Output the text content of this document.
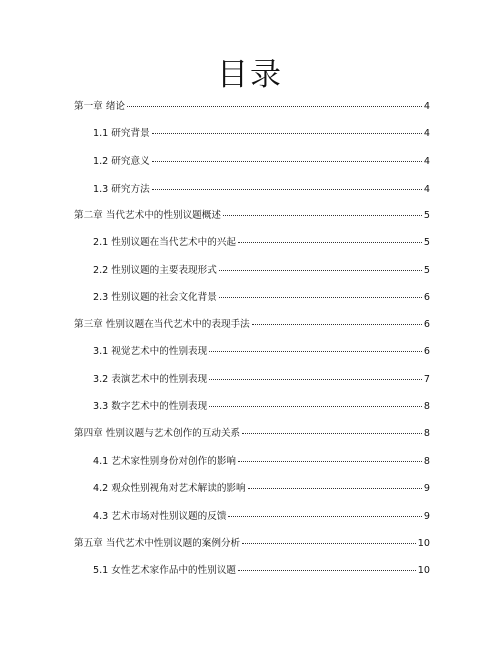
目录
第一章 绪论	4
1.1 研究背景	4
1.2 研究意义	4
1.3 研究方法	4
第二章 当代艺术中的性别议题概述	5
2.1 性别议题在当代艺术中的兴起	5
2.2 性别议题的主要表现形式	5
2.3 性别议题的社会文化背景	6
第三章 性别议题在当代艺术中的表现手法	6
3.1 视觉艺术中的性别表现	6
3.2 表演艺术中的性别表现	7
3.3 数字艺术中的性别表现	8
第四章 性别议题与艺术创作的互动关系	8
4.1 艺术家性别身份对创作的影响	8
4.2 观众性别视角对艺术解读的影响	9
4.3 艺术市场对性别议题的反馈	9
第五章 当代艺术中性别议题的案例分析	10
5.1 女性艺术家作品中的性别议题	10
